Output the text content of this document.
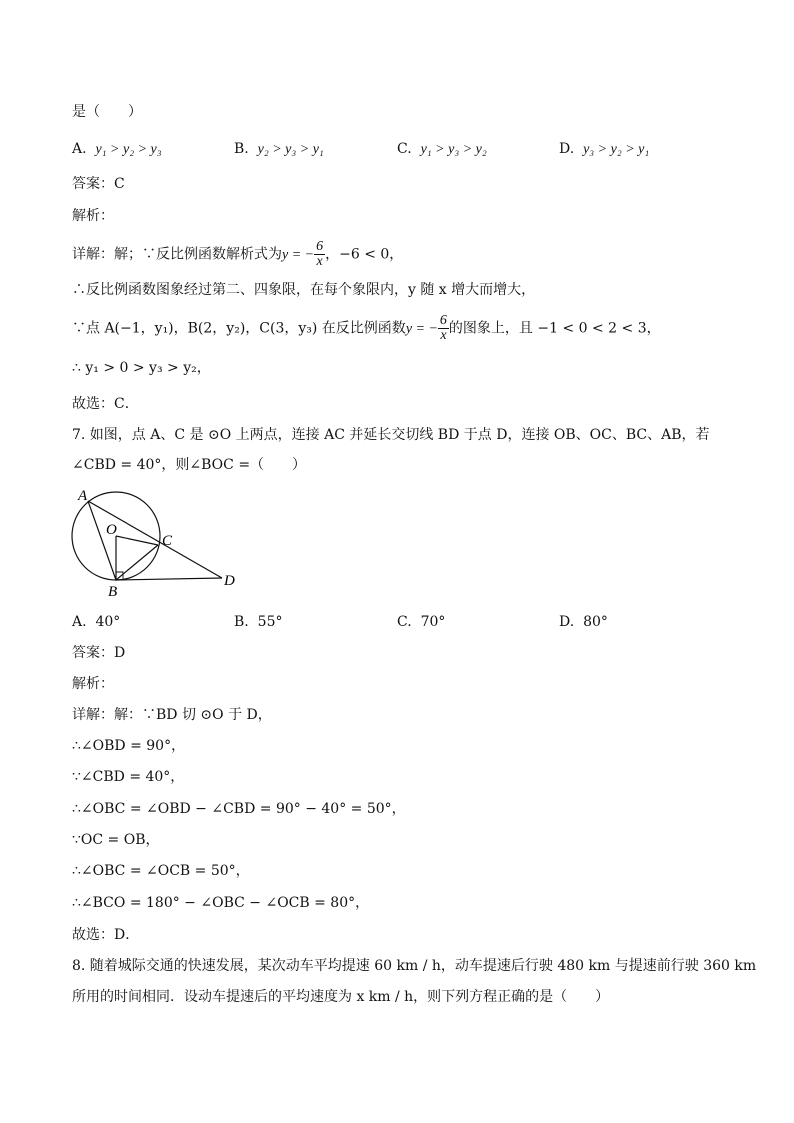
是（　　）
A. y₁ > y₂ > y₃	B. y₂ > y₃ > y₁	C. y₁ > y₃ > y₂	D. y₃ > y₂ > y₁
答案：C
解析：
详解：解；∵反比例函数解析式为y = − $\frac{6}{x}$ ，−6 < 0，
∴反比例函数图象经过第二、四象限，在每个象限内，y 随 x 增大而增大，
∵点 A(−1，y₁)，B(2，y₂)，C(3，y₃) 在反比例函数y = − $\frac{6}{x}$ 的图象上，且 −1 < 0 < 2 < 3，
∴ y₁ > 0 > y₃ > y₂，
故选：C．
7. 如图，点 A、C 是 ⊙O 上两点，连接 AC 并延长交切线 BD 于点 D，连接 OB、OC、BC、AB，若
∠CBD = 40°，则∠BOC =（　　）
A
O
C
B
D
A. 40°	B. 55°	C. 70°	D. 80°
答案：D
解析：
详解：解：∵BD 切 ⊙O 于 D，
∴∠OBD = 90°，
∵∠CBD = 40°，
∴∠OBC = ∠OBD − ∠CBD = 90° − 40° = 50°，
∵OC = OB，
∴∠OBC = ∠OCB = 50°，
∴∠BCO = 180° − ∠OBC − ∠OCB = 80°，
故选：D．
8. 随着城际交通的快速发展，某次动车平均提速 60 km / h，动车提速后行驶 480 km 与提速前行驶 360 km
所用的时间相同．设动车提速后的平均速度为 x km / h，则下列方程正确的是（　　）
